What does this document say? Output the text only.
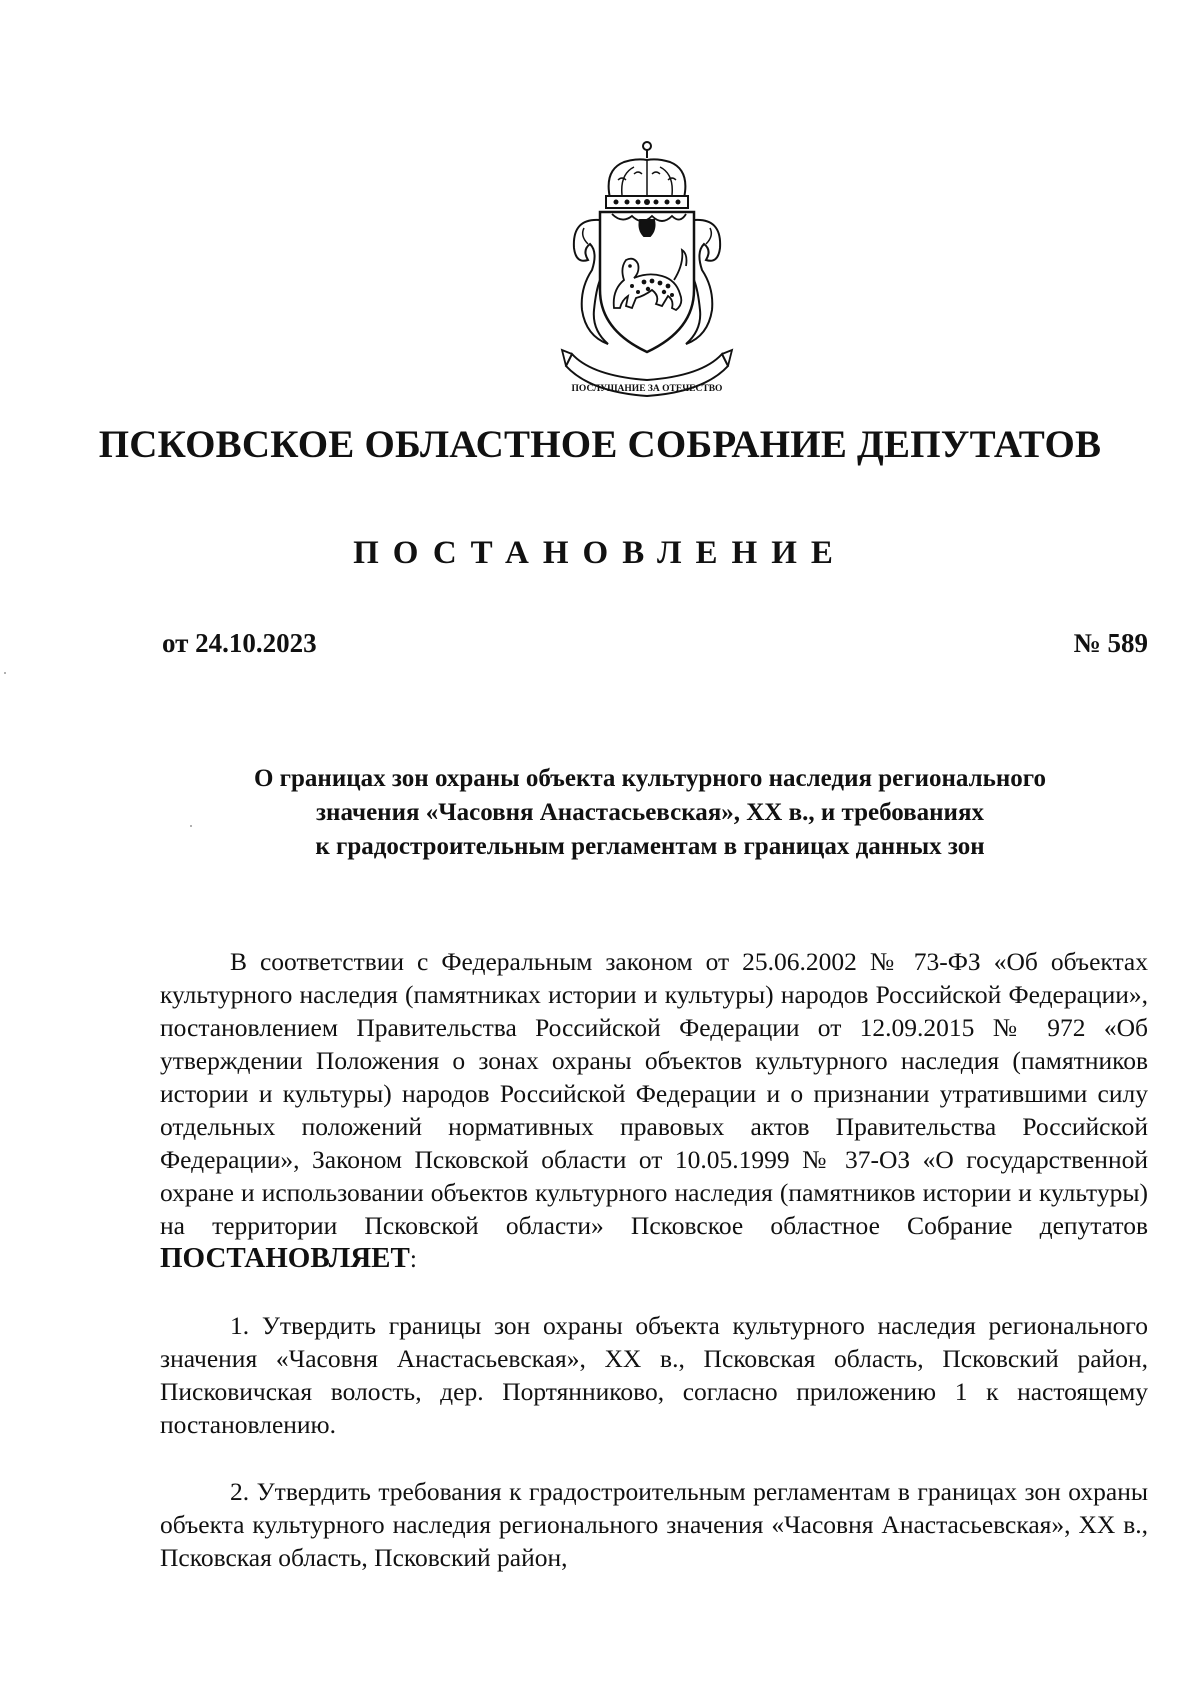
ПОСЛУШАНИЕ ЗА ОТЕЧЕСТВО
ПСКОВСКОЕ ОБЛАСТНОЕ СОБРАНИЕ ДЕПУТАТОВ
ПОСТАНОВЛЕНИЕ
от 24.10.2023	№ 589
О границах зон охраны объекта культурного наследия регионального
значения «Часовня Анастасьевская», XX в., и требованиях
к градостроительным регламентам в границах данных зон

В соответствии с Федеральным законом от 25.06.2002 № 73-ФЗ «Об объектах культурного наследия (памятниках истории и культуры) народов Российской Федерации», постановлением Правительства Российской Федерации от 12.09.2015 № 972 «Об утверждении Положения о зонах охраны объектов культурного наследия (памятников истории и культуры) народов Российской Федерации и о признании утратившими силу отдельных положений нормативных правовых актов Правительства Российской Федерации», Законом Псковской области от 10.05.1999 № 37-ОЗ «О государственной охране и использовании объектов культурного наследия (памятников истории и культуры) на территории Псковской области» Псковское областное Собрание депутатов ПОСТАНОВЛЯЕТ:

1. Утвердить границы зон охраны объекта культурного наследия регионального значения «Часовня Анастасьевская», XX в., Псковская область, Псковский район, Писковичская волость, дер. Портянниково, согласно приложению 1 к настоящему постановлению.

2. Утвердить требования к градостроительным регламентам в границах зон охраны объекта культурного наследия регионального значения «Часовня Анастасьевская», XX в., Псковская область, Псковский район,
